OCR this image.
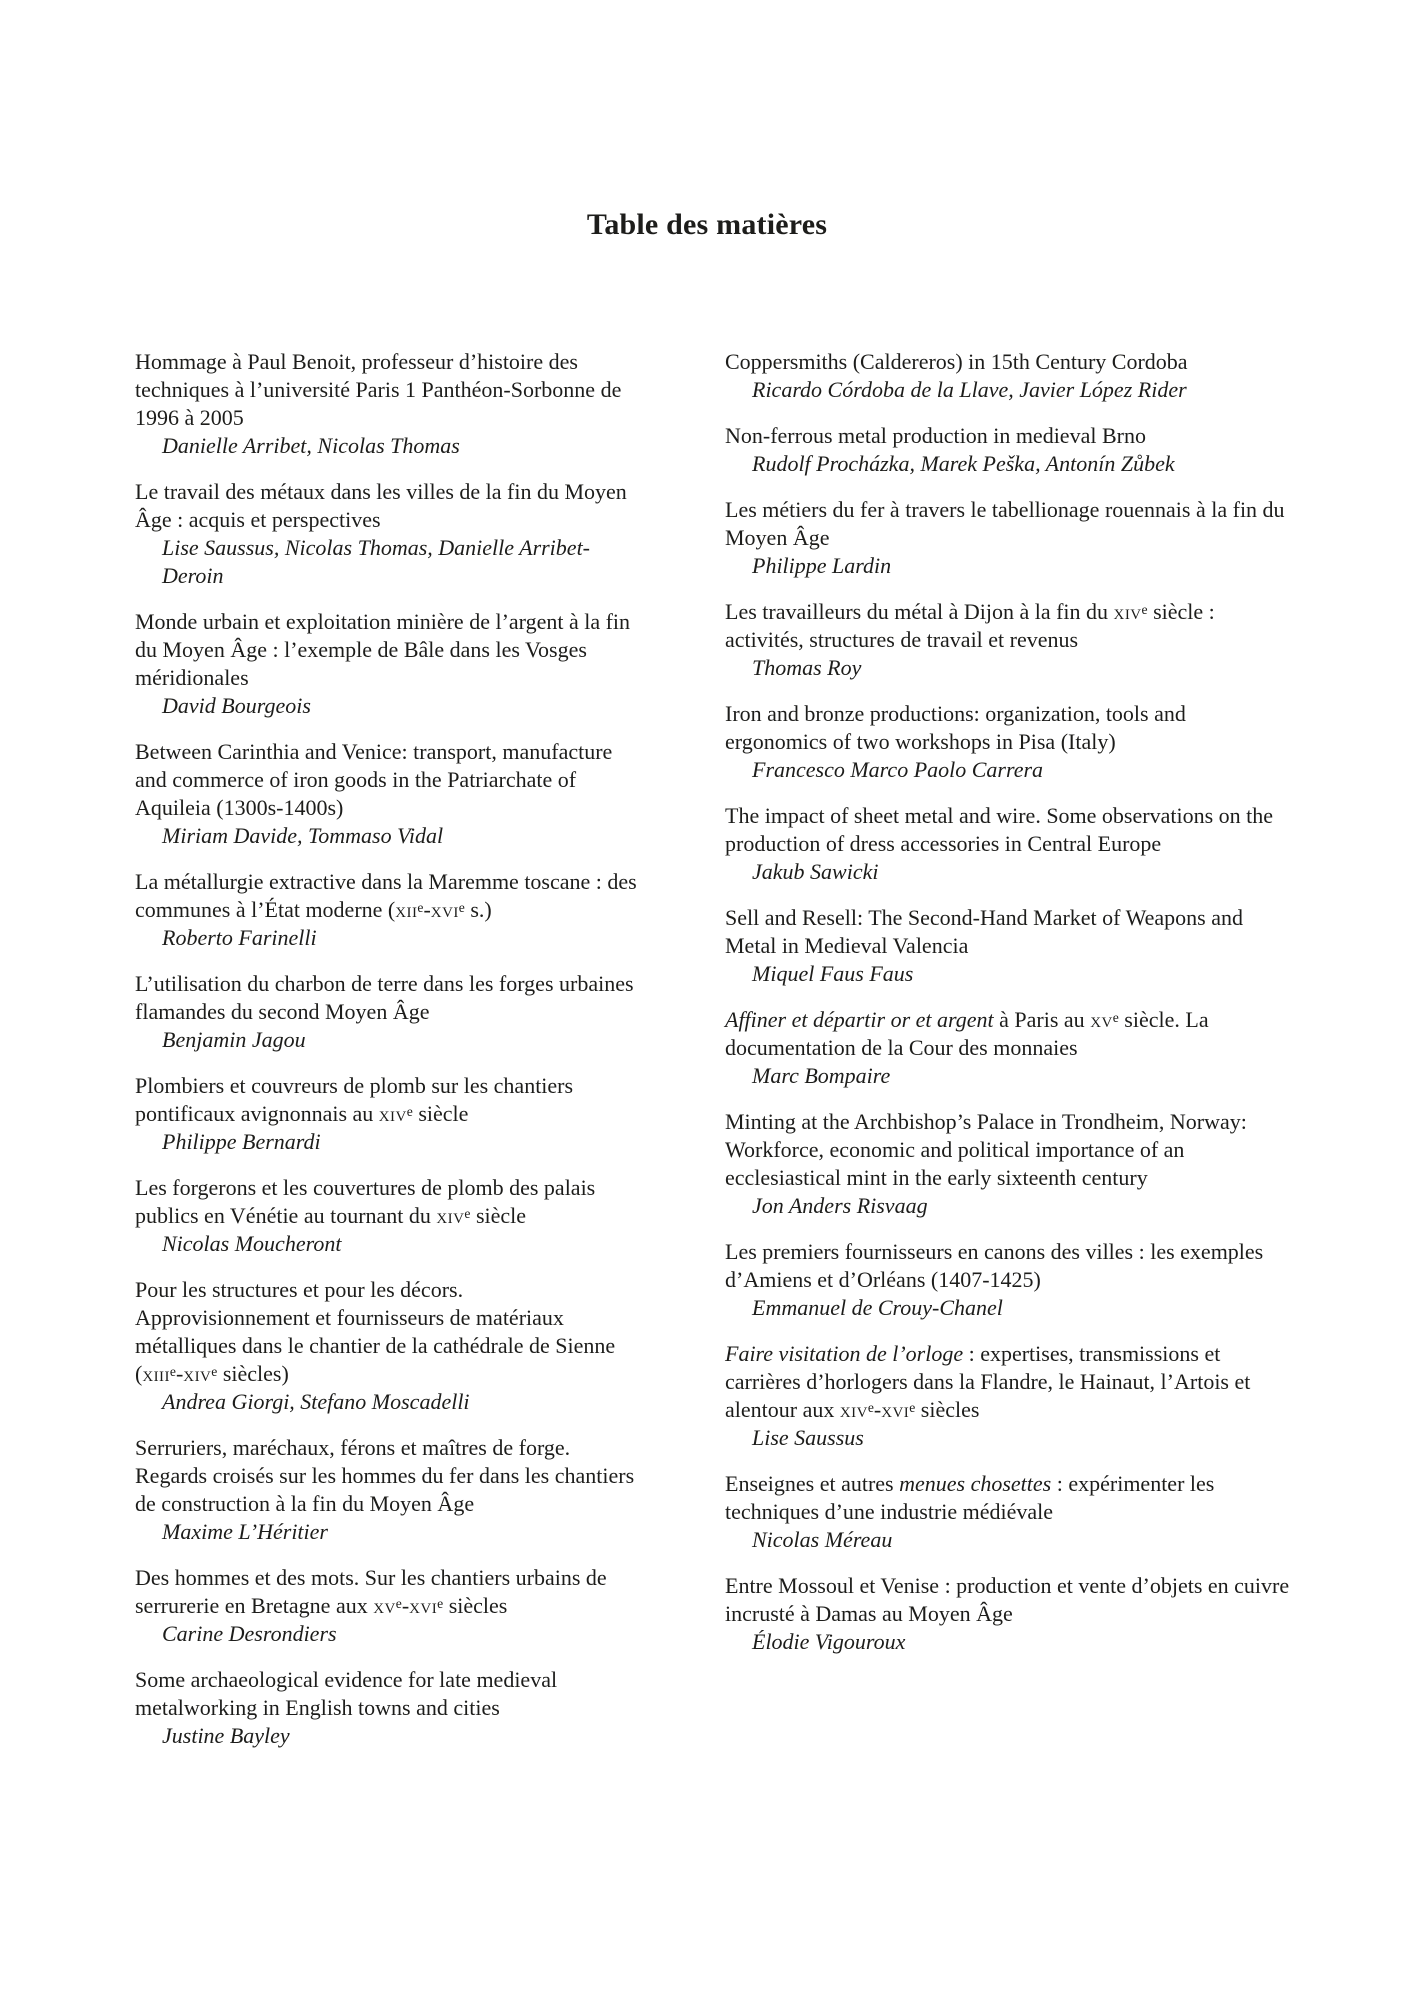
Table des matières
Hommage à Paul Benoit, professeur d’histoire des techniques à l’université Paris 1 Panthéon-Sorbonne de 1996 à 2005
Danielle Arribet, Nicolas Thomas
Le travail des métaux dans les villes de la fin du Moyen Âge : acquis et perspectives
Lise Saussus, Nicolas Thomas, Danielle Arribet-Deroin
Monde urbain et exploitation minière de l’argent à la fin du Moyen Âge : l’exemple de Bâle dans les Vosges méridionales
David Bourgeois
Between Carinthia and Venice: transport, manufacture and commerce of iron goods in the Patriarchate of Aquileia (1300s-1400s)
Miriam Davide, Tommaso Vidal
La métallurgie extractive dans la Maremme toscane : des communes à l’État moderne (xii$^e$-xvi$^e$ s.)
Roberto Farinelli
L’utilisation du charbon de terre dans les forges urbaines flamandes du second Moyen Âge
Benjamin Jagou
Plombiers et couvreurs de plomb sur les chantiers pontificaux avignonnais au xiv$^e$ siècle
Philippe Bernardi
Les forgerons et les couvertures de plomb des palais publics en Vénétie au tournant du xiv$^e$ siècle
Nicolas Moucheront
Pour les structures et pour les décors. Approvisionnement et fournisseurs de matériaux métalliques dans le chantier de la cathédrale de Sienne (xiii$^e$-xiv$^e$ siècles)
Andrea Giorgi, Stefano Moscadelli
Serruriers, maréchaux, férons et maîtres de forge. Regards croisés sur les hommes du fer dans les chantiers de construction à la fin du Moyen Âge
Maxime L’Héritier
Des hommes et des mots. Sur les chantiers urbains de serrurerie en Bretagne aux $xv^e-xvi^e$ siècles
Carine Desrondiers
Some archaeological evidence for late medieval metalworking in English towns and cities
Justine Bayley
Coppersmiths (Caldereros) in 15th Century Cordoba
Ricardo Córdoba de la Llave, Javier López Rider
Non-ferrous metal production in medieval Brno
Rudolf Procházka, Marek Peška, Antonín Zůbek
Les métiers du fer à travers le tabellionage rouennais à la fin du Moyen Âge
Philippe Lardin
Les travailleurs du métal à Dijon à la fin du xiv$^e$ siècle : activités, structures de travail et revenus
Thomas Roy
Iron and bronze productions: organization, tools and ergonomics of two workshops in Pisa (Italy)
Francesco Marco Paolo Carrera
The impact of sheet metal and wire. Some observations on the production of dress accessories in Central Europe
Jakub Sawicki
Sell and Resell: The Second-Hand Market of Weapons and Metal in Medieval Valencia
Miquel Faus Faus
Affiner et départir or et argent à Paris au $xv^e$ siècle. La documentation de la Cour des monnaies
Marc Bompaire
Minting at the Archbishop’s Palace in Trondheim, Norway: Workforce, economic and political importance of an ecclesiastical mint in the early sixteenth century
Jon Anders Risvaag
Les premiers fournisseurs en canons des villes : les exemples d’Amiens et d’Orléans (1407-1425)
Emmanuel de Crouy-Chanel
Faire visitation de l’orloge : expertises, transmissions et carrières d’horlogers dans la Flandre, le Hainaut, l’Artois et alentour aux xiv$^e$-xvi$^e$ siècles
Lise Saussus
Enseignes et autres menues chosettes : expérimenter les techniques d’une industrie médiévale
Nicolas Méreau
Entre Mossoul et Venise : production et vente d’objets en cuivre incrusté à Damas au Moyen Âge
Élodie Vigouroux
